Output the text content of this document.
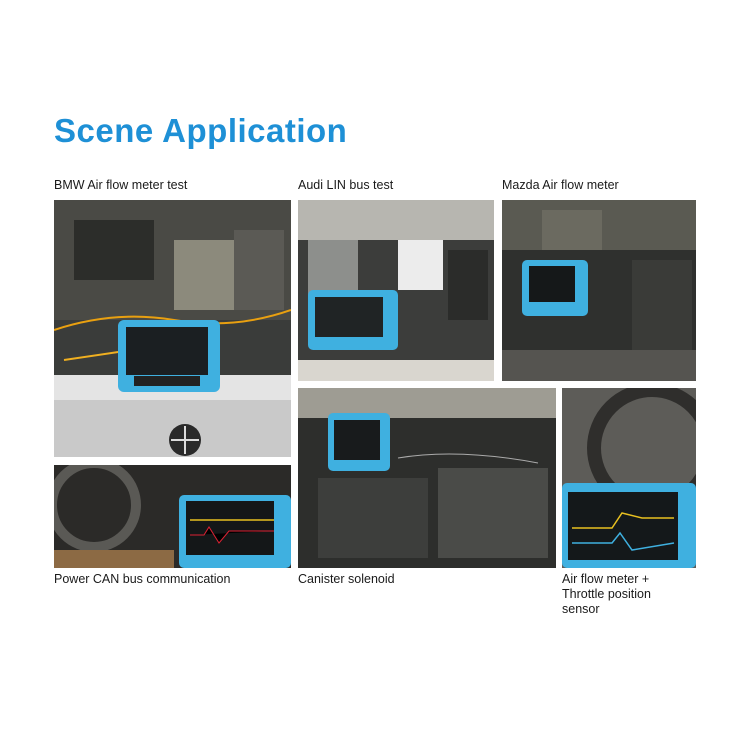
Scene Application
BMW Air flow meter test	Audi LIN bus test	Mazda Air flow meter
Power CAN bus communication	Canister solenoid	Air flow meter +
Throttle position
sensor
